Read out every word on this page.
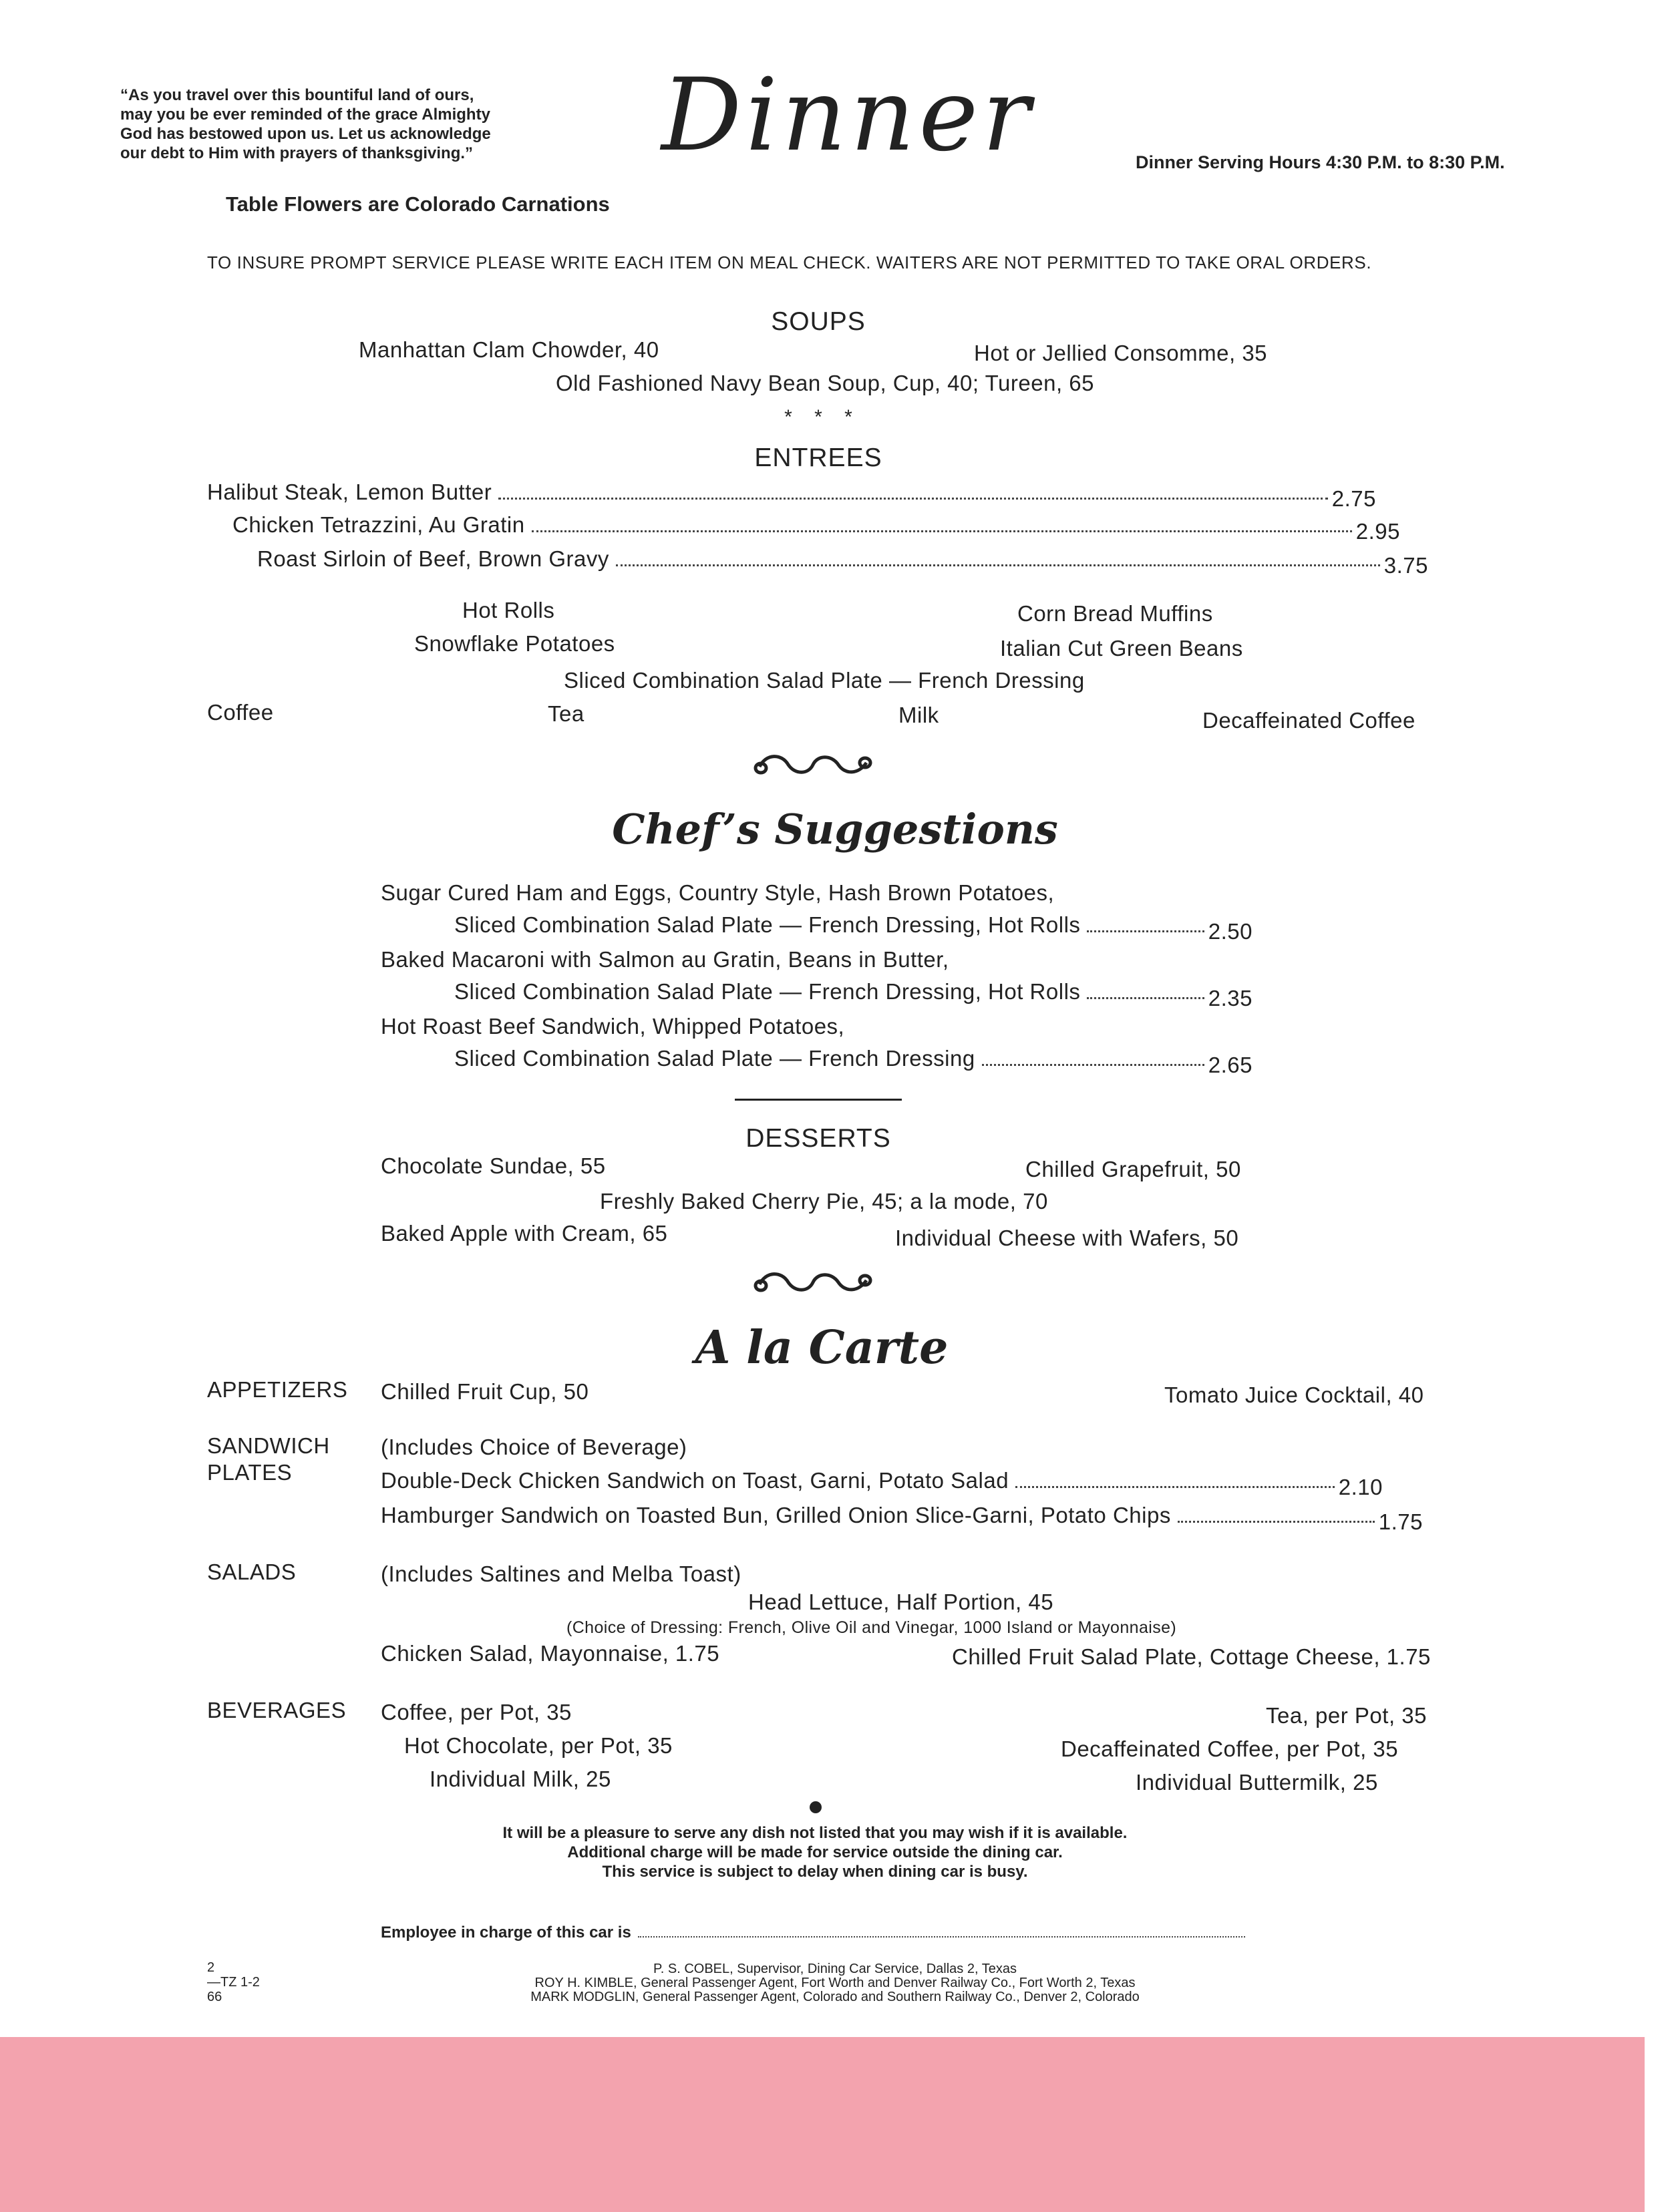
“As you travel over this bountiful land of ours,
may you be ever reminded of the grace Almighty
God has bestowed upon us. Let us acknowledge
our debt to Him with prayers of thanksgiving.”	Dinner	Dinner Serving Hours 4:30 P.M. to 8:30 P.M.
Table Flowers are Colorado Carnations
TO INSURE PROMPT SERVICE PLEASE WRITE EACH ITEM ON MEAL CHECK. WAITERS ARE NOT PERMITTED TO TAKE ORAL ORDERS.
SOUPS
Manhattan Clam Chowder, 40	Hot or Jellied Consomme, 35
Old Fashioned Navy Bean Soup, Cup, 40; Tureen, 65
*    *    *
ENTREES
Halibut Steak, Lemon Butter	2.75
Chicken Tetrazzini, Au Gratin	2.95
Roast Sirloin of Beef, Brown Gravy	3.75
Hot Rolls	Corn Bread Muffins
Snowflake Potatoes	Italian Cut Green Beans
Sliced Combination Salad Plate — French Dressing
Coffee	Tea	Milk	Decaffeinated Coffee
Chef’s Suggestions
Sugar Cured Ham and Eggs, Country Style, Hash Brown Potatoes,
Sliced Combination Salad Plate — French Dressing, Hot Rolls	2.50
Baked Macaroni with Salmon au Gratin, Beans in Butter,
Sliced Combination Salad Plate — French Dressing, Hot Rolls	2.35
Hot Roast Beef Sandwich, Whipped Potatoes,
Sliced Combination Salad Plate — French Dressing	2.65
DESSERTS
Chocolate Sundae, 55	Chilled Grapefruit, 50
Freshly Baked Cherry Pie, 45; a la mode, 70
Baked Apple with Cream, 65	Individual Cheese with Wafers, 50
A la Carte
APPETIZERS Chilled Fruit Cup, 50	Tomato Juice Cocktail, 40
SANDWICH
PLATES
(Includes Choice of Beverage)
Double-Deck Chicken Sandwich on Toast, Garni, Potato Salad	2.10
Hamburger Sandwich on Toasted Bun, Grilled Onion Slice-Garni, Potato Chips	1.75
SALADS	(Includes Saltines and Melba Toast)
Head Lettuce, Half Portion, 45
(Choice of Dressing: French, Olive Oil and Vinegar, 1000 Island or Mayonnaise)
Chicken Salad, Mayonnaise, 1.75	Chilled Fruit Salad Plate, Cottage Cheese, 1.75
BEVERAGES Coffee, per Pot, 35	Tea, per Pot, 35
Hot Chocolate, per Pot, 35	Decaffeinated Coffee, per Pot, 35
Individual Milk, 25	Individual Buttermilk, 25
It will be a pleasure to serve any dish not listed that you may wish if it is available.
Additional charge will be made for service outside the dining car.
This service is subject to delay when dining car is busy.
Employee in charge of this car is
2
—TZ 1-2
66
P. S. COBEL, Supervisor, Dining Car Service, Dallas 2, Texas
ROY H. KIMBLE, General Passenger Agent, Fort Worth and Denver Railway Co., Fort Worth 2, Texas
MARK MODGLIN, General Passenger Agent, Colorado and Southern Railway Co., Denver 2, Colorado
